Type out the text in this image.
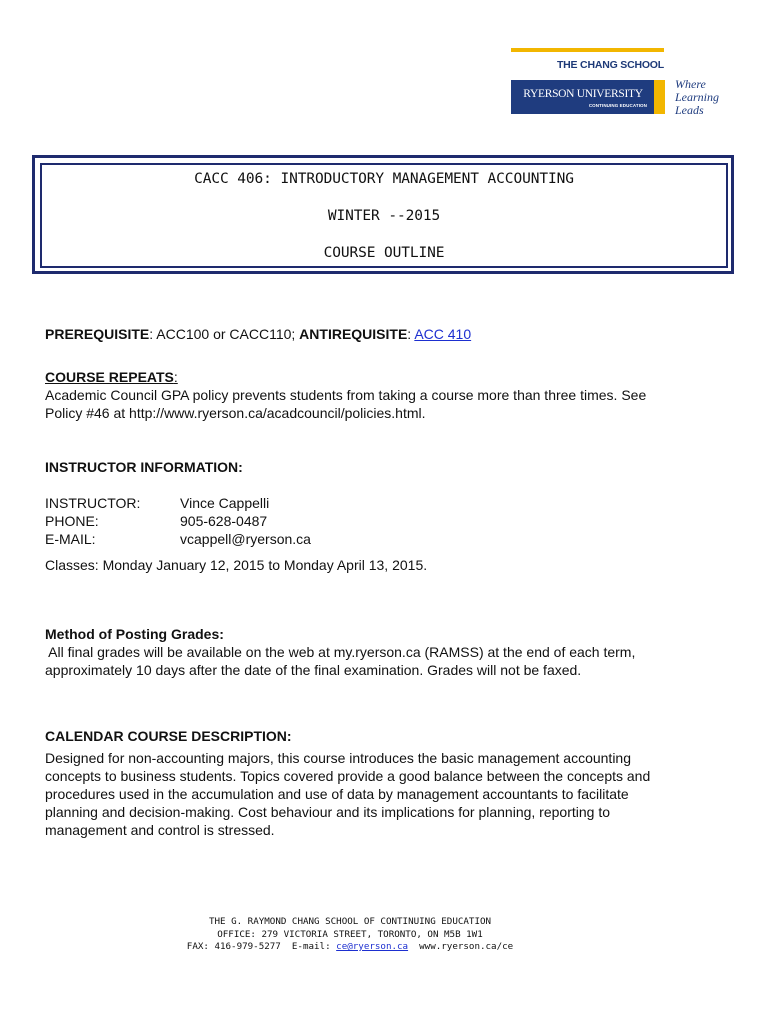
THE CHANG SCHOOL
RYERSON UNIVERSITY
CONTINUING EDUCATION
Where
Learning
Leads
CACC 406: INTRODUCTORY MANAGEMENT ACCOUNTING
WINTER --2015
COURSE OUTLINE
PREREQUISITE: ACC100 or CACC110; ANTIREQUISITE: ACC 410
COURSE REPEATS:
Academic Council GPA policy prevents students from taking a course more than three times. See
Policy #46 at http://www.ryerson.ca/acadcouncil/policies.html.
INSTRUCTOR INFORMATION:
INSTRUCTOR:	Vince Cappelli
PHONE:	905-628-0487
E-MAIL:	vcappell@ryerson.ca
Classes: Monday January 12, 2015 to Monday April 13, 2015.
Method of Posting Grades:
All final grades will be available on the web at my.ryerson.ca (RAMSS) at the end of each term,
approximately 10 days after the date of the final examination. Grades will not be faxed.
CALENDAR COURSE DESCRIPTION:
Designed for non-accounting majors, this course introduces the basic management accounting
concepts to business students. Topics covered provide a good balance between the concepts and
procedures used in the accumulation and use of data by management accountants to facilitate
planning and decision-making. Cost behaviour and its implications for planning, reporting to
management and control is stressed.
THE G. RAYMOND CHANG SCHOOL OF CONTINUING EDUCATION
OFFICE: 279 VICTORIA STREET, TORONTO, ON M5B 1W1
FAX: 416-979-5277  E-mail: ce@ryerson.ca  www.ryerson.ca/ce
